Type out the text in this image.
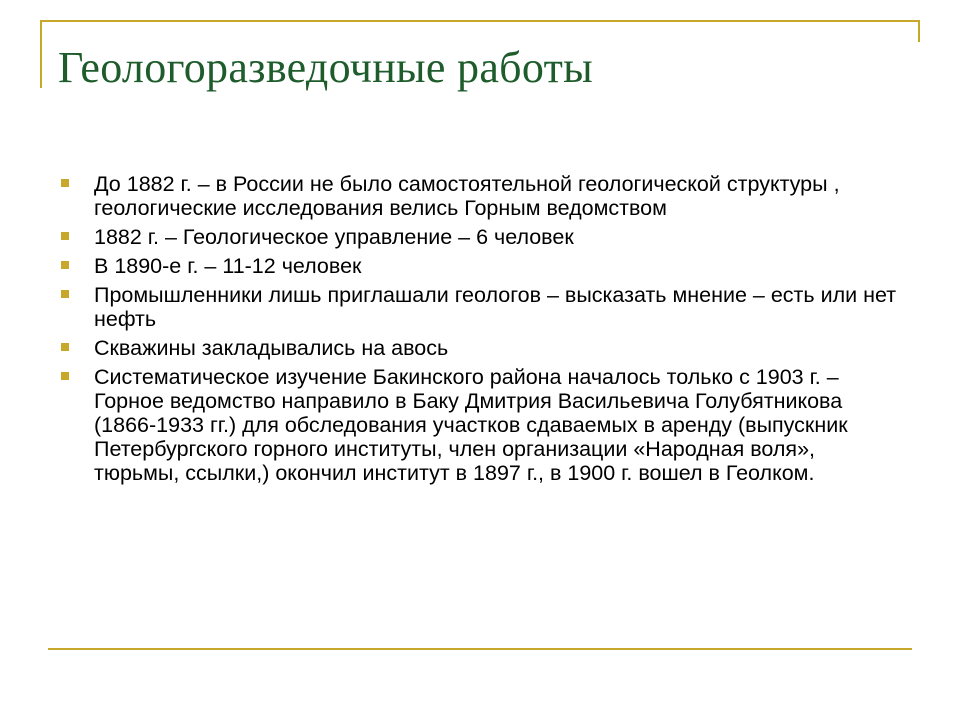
Геологоразведочные работы
До 1882 г. – в России не было самостоятельной геологической структуры , геологические исследования велись Горным ведомством
1882 г. – Геологическое управление – 6 человек
В 1890-е г. – 11-12 человек
Промышленники лишь приглашали геологов – высказать мнение – есть или нет нефть
Скважины закладывались на авось
Систематическое изучение Бакинского района началось только с 1903 г. – Горное ведомство направило в Баку Дмитрия Васильевича Голубятникова (1866-1933 гг.) для обследования участков сдаваемых в аренду (выпускник Петербургского горного институты, член организации «Народная воля», тюрьмы, ссылки,) окончил институт в 1897 г., в 1900 г. вошел в Геолком.
